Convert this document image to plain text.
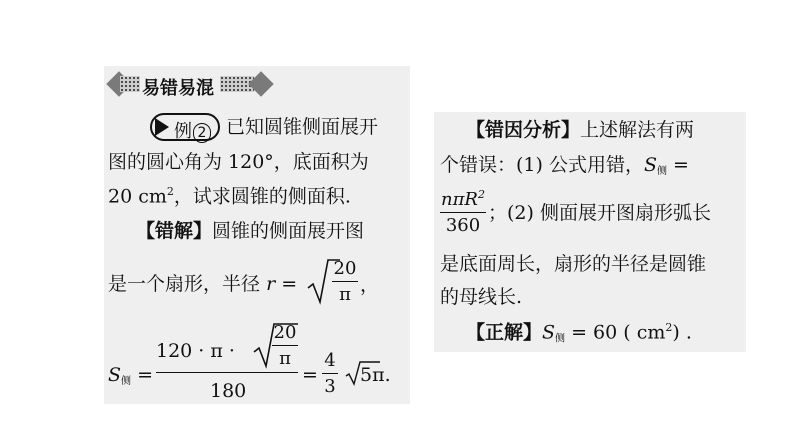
易错易混
例 2 已知圆锥侧面展开
图的圆心角为 120°，底面积为
20 $cm^2$，试求圆锥的侧面积.
【错解】圆锥的侧面展开图
是一个扇形，半径 r =
20
π ，
$S_侧$ =
120 · π ·
20
π
180
=
4
3
5π.
【错因分析】上述解法有两
个错误：(1) 公式用错，$S_侧$ =
nπR$^2$
360
；(2) 侧面展开图扇形弧长
是底面周长，扇形的半径是圆锥
的母线长.
【正解】$S_侧 = 60$ ( $cm^2$) .
